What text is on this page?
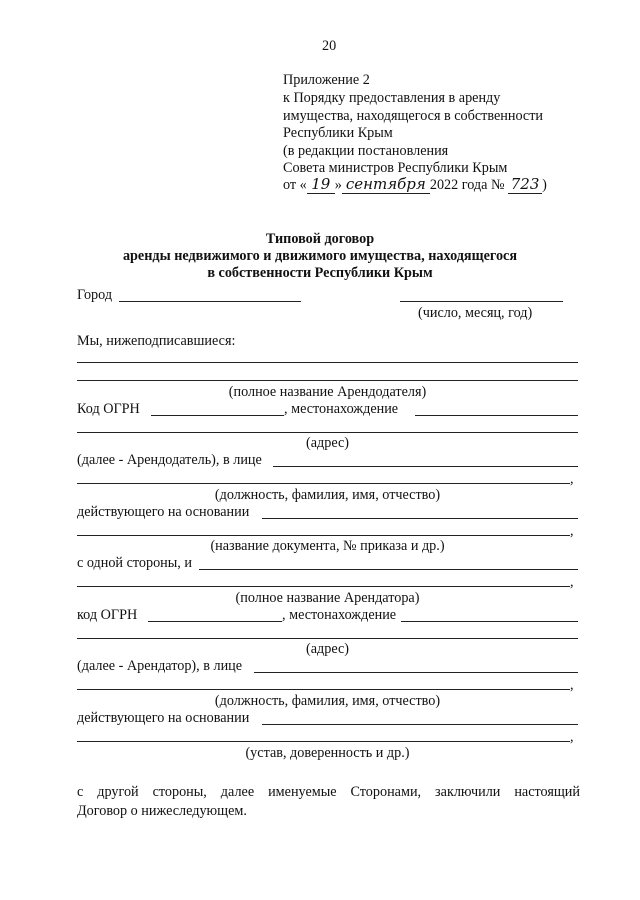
20
Приложение 2
к Порядку предоставления в аренду
имущества, находящегося в собственности
Республики Крым
(в редакции постановления
Совета министров Республики Крым
от « 19 » сентября 2022 года № 723 )
Типовой договор
аренды недвижимого и движимого имущества, находящегося
в собственности Республики Крым
Город
(число, месяц, год)
Мы, нижеподписавшиеся:
(полное название Арендодателя)
Код ОГРН	, местонахождение
(адрес)
(далее - Арендодатель), в лице
,
(должность, фамилия, имя, отчество)
действующего на основании
,
(название документа, № приказа и др.)
с одной стороны, и
,
(полное название Арендатора)
код ОГРН	, местонахождение
(адрес)
(далее - Арендатор), в лице
,
(должность, фамилия, имя, отчество)
действующего на основании
,
(устав, доверенность и др.)
с другой стороны, далее именуемые Сторонами, заключили настоящий
Договор о нижеследующем.
